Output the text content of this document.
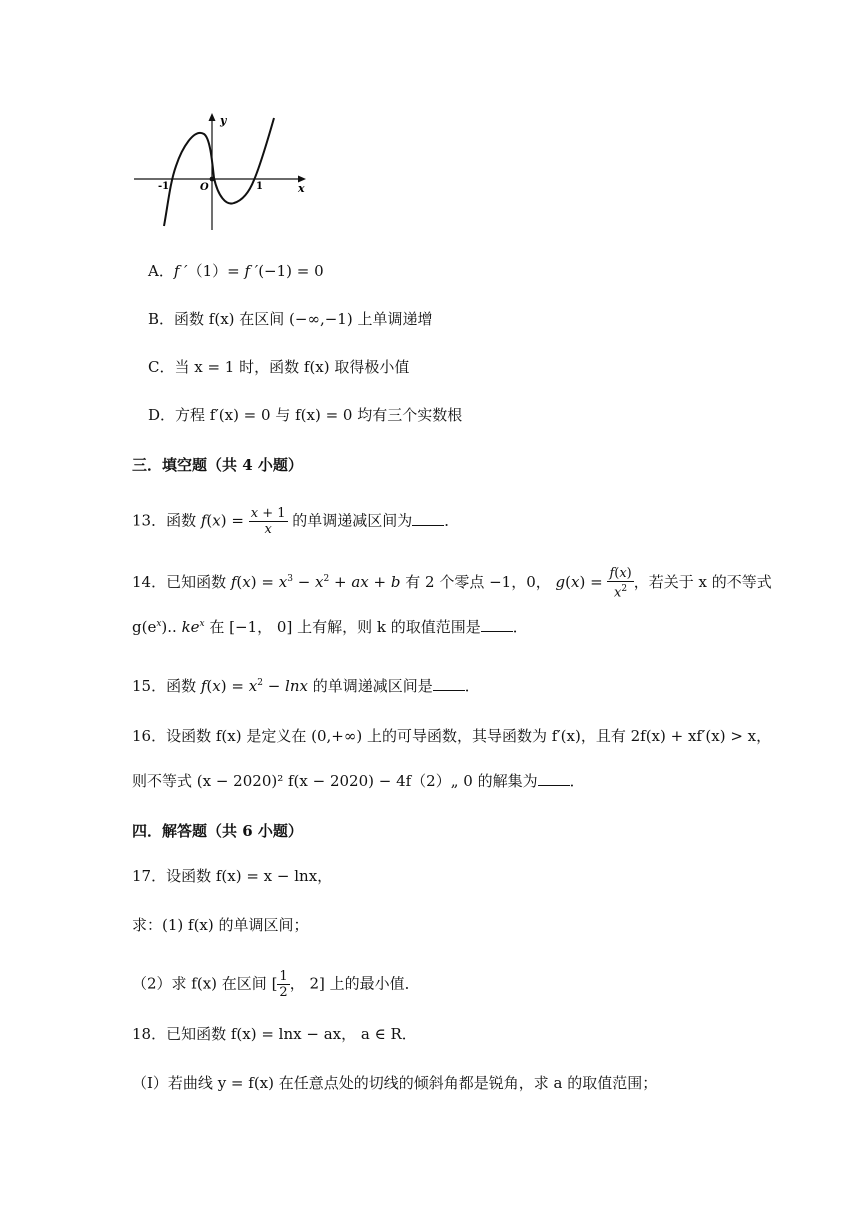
y
x
-1	O	1
A．f ′（1）= f ′(−1) = 0
B．函数 f(x) 在区间 (−∞,−1) 上单调递增
C．当 x = 1 时，函数 f(x) 取得极小值
D．方程 f′(x) = 0 与 f(x) = 0 均有三个实数根
三．填空题（共 4 小题）
13．函数 $f(x) = \frac{x + 1}{x}$ 的单调递减区间为 ．
14．已知函数 $f(x) = x^3 - x^2$ + ax + b 有 2 个零点 −1，0， $g(x) = \frac{f(x)}{x^2}$ ，若关于 x 的不等式
$g(e^x)$.. $ke^x$ 在 [−1， 0] 上有解，则 k 的取值范围是 ．
15．函数 $f(x) = x^2 - \ln x$ 的单调递减区间是 ．
16．设函数 f(x) 是定义在 (0,+∞) 上的可导函数，其导函数为 f′(x)，且有 2f(x) + xf′(x) > x，
则不等式 (x − 2020)² f(x − 2020) − 4f（2）„ 0 的解集为 ．
四．解答题（共 6 小题）
17．设函数 f(x) = x − lnx，
求：(1) f(x) 的单调区间；
（2）求 f(x) 在区间 [ $\frac{1}{2}$ ， 2] 上的最小值．
18．已知函数 f(x) = lnx − ax， a ∈ R．
（Ⅰ）若曲线 y = f(x) 在任意点处的切线的倾斜角都是锐角，求 a 的取值范围；
